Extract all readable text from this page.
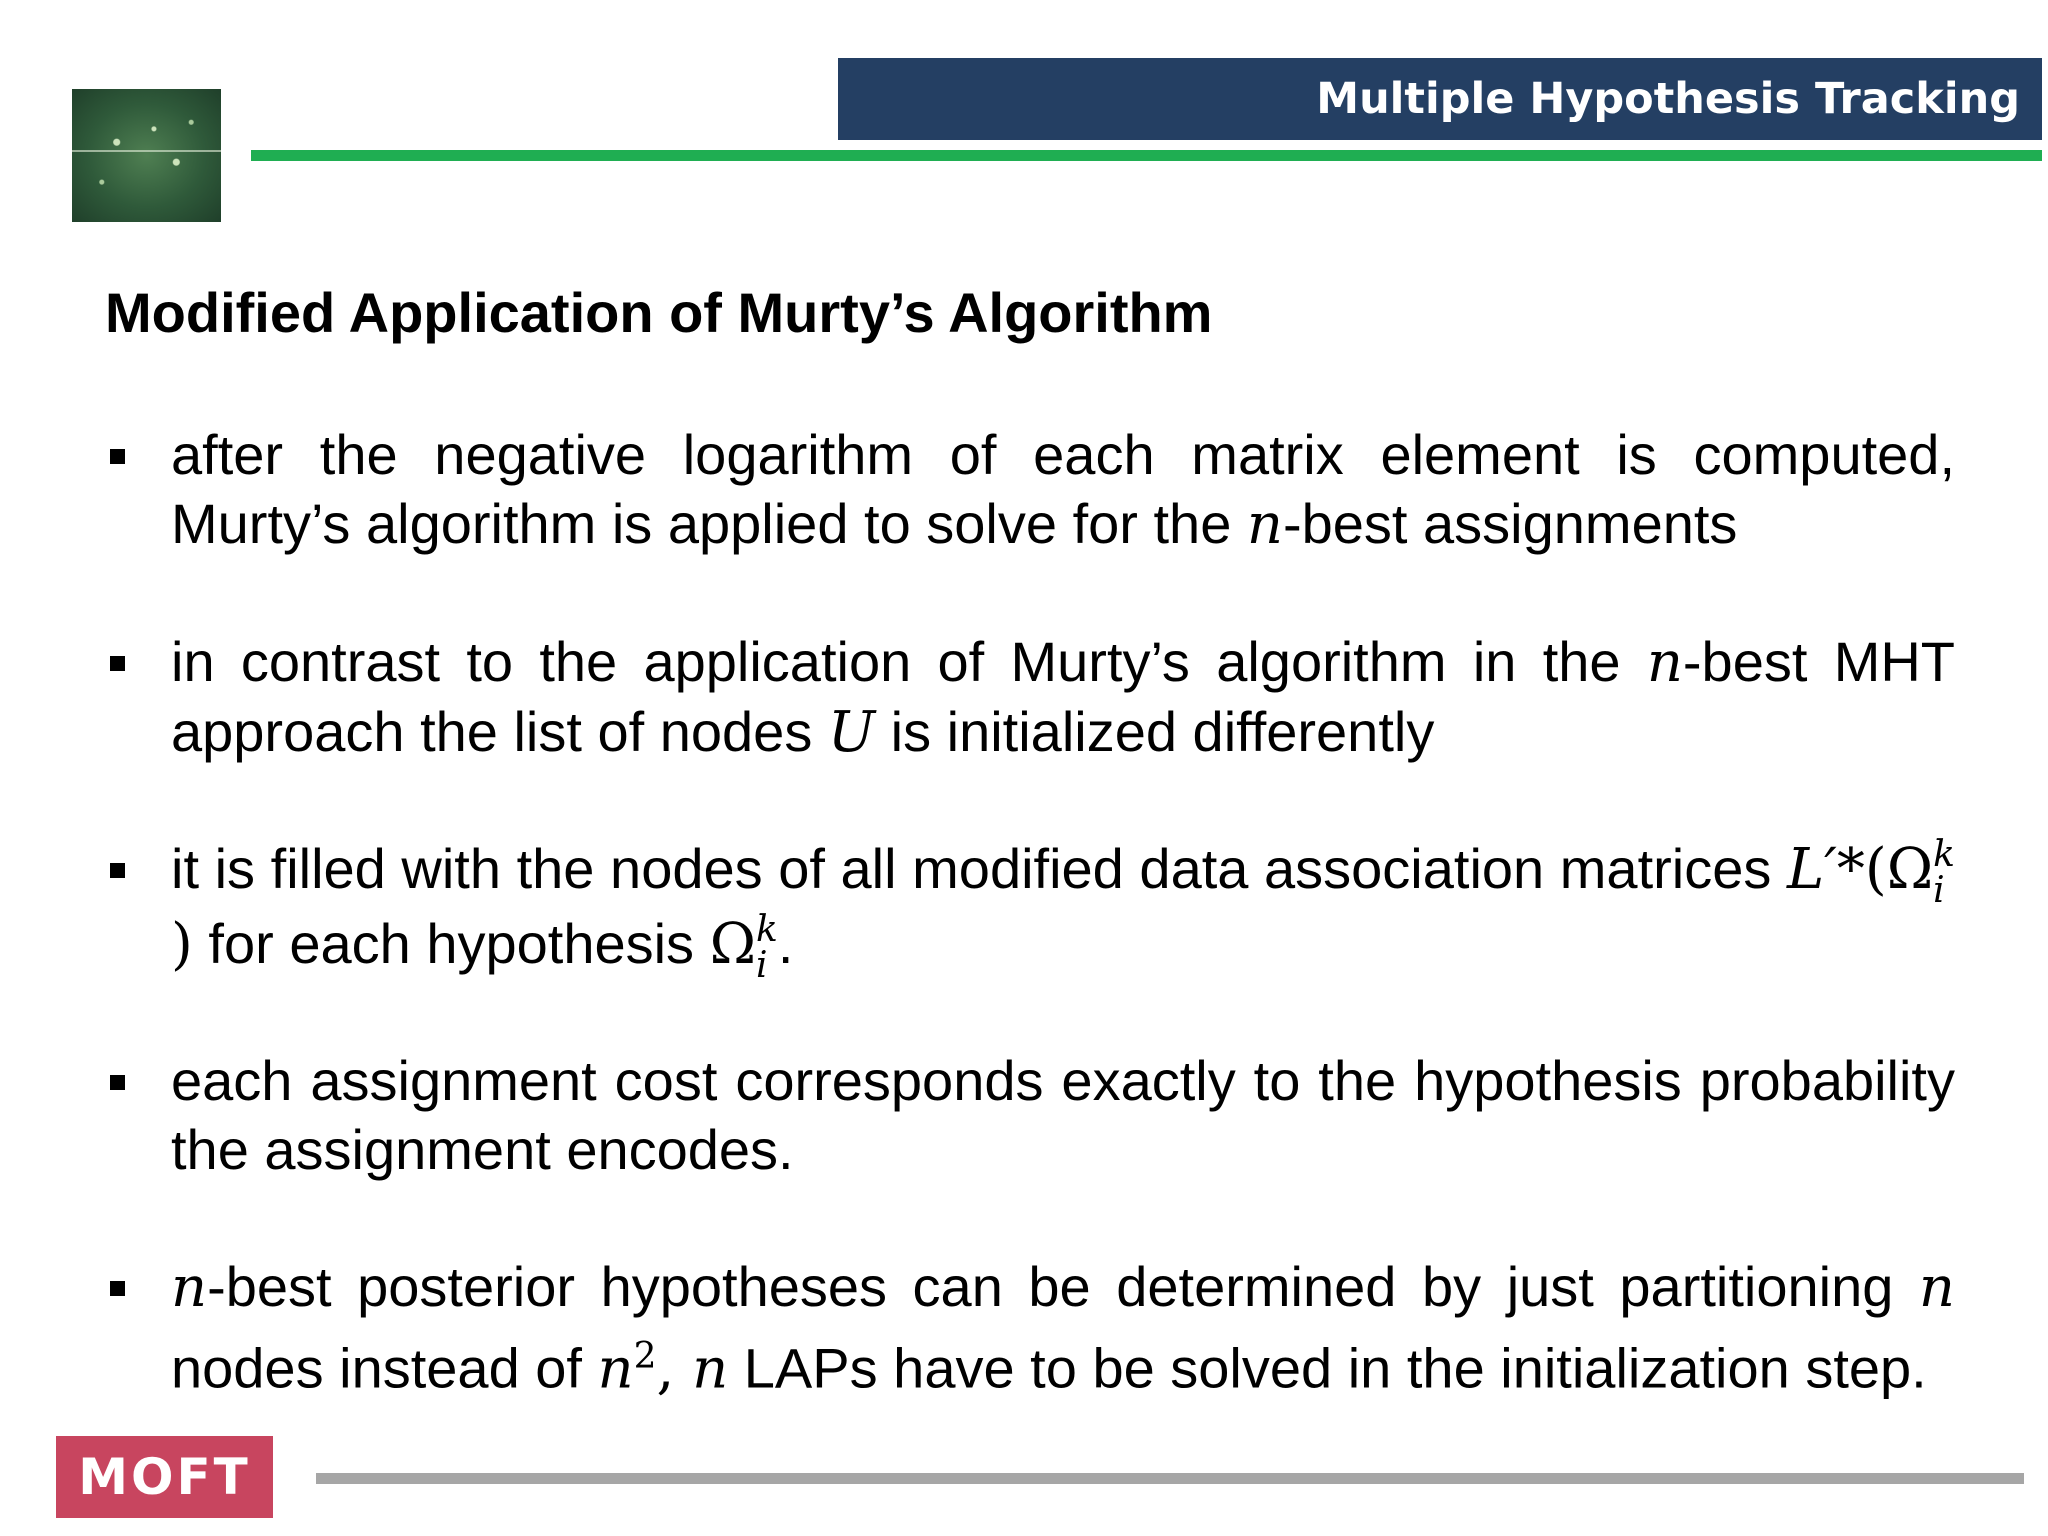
Multiple Hypothesis Tracking
Modified Application of Murty’s Algorithm
after the negative logarithm of each matrix element is computed, Murty’s algorithm is applied to solve for the n-best assignments
in contrast to the application of Murty’s algorithm in the n-best MHT approach the list of nodes U is initialized differently
it is filled with the nodes of all modified data association matrices L′*(Ω k
i
) for each hypothesis Ω k
i .
each assignment cost corresponds exactly to the hypothesis probability the assignment encodes.
n-best posterior hypotheses can be determined by just partitioning n nodes instead of $n^2$, n LAPs have to be solved in the initialization step.
MOFT
